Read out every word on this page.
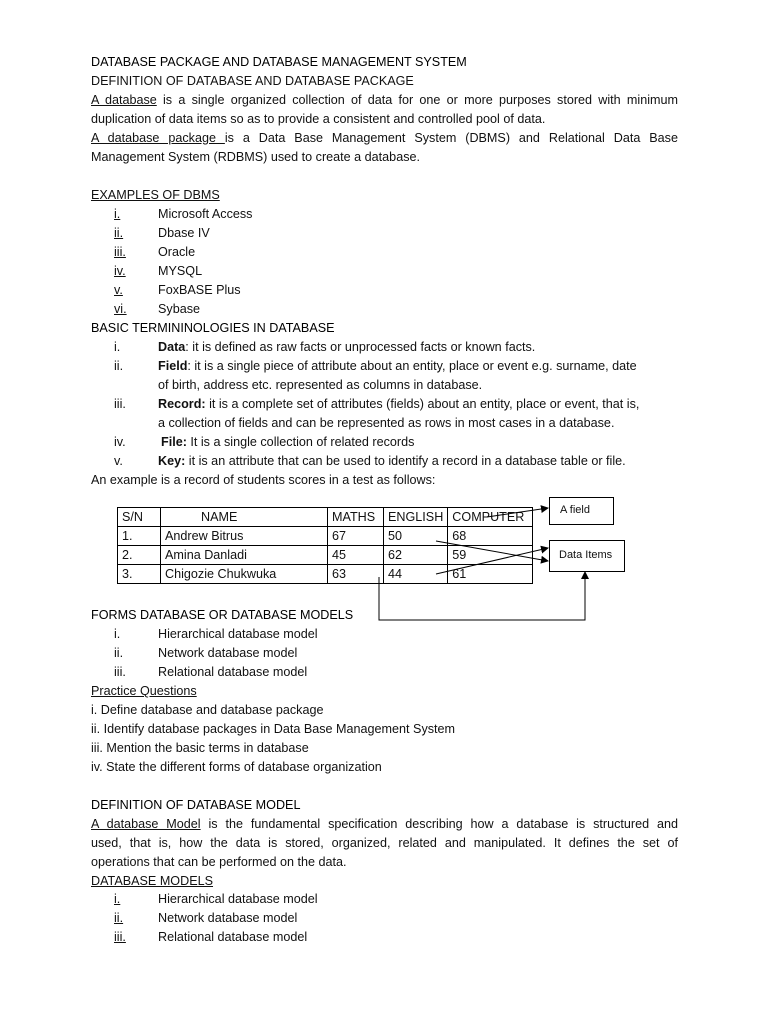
DATABASE PACKAGE AND DATABASE MANAGEMENT SYSTEM
DEFINITION OF DATABASE AND DATABASE PACKAGE
A database is a single organized collection of data for one or more purposes stored with minimum
duplication of data items so as to provide a consistent and controlled pool of data.
A database package is a Data Base Management System (DBMS) and Relational Data Base
Management System (RDBMS) used to create a database.
EXAMPLES OF DBMS
i.	Microsoft Access
ii.	Dbase IV
iii.	Oracle
iv.	MYSQL
v.	FoxBASE Plus
vi. Sybase
BASIC TERMININOLOGIES IN DATABASE
i.	Data: it is defined as raw facts or unprocessed facts or known facts.
ii.	Field: it is a single piece of attribute about an entity, place or event e.g. surname, date
of birth, address etc. represented as columns in database.
iii.	Record: it is a complete set of attributes (fields) about an entity, place or event, that is,
a collection of fields and can be represented as rows in most cases in a database.
iv.	File: It is a single collection of related records
v.	Key: it is an attribute that can be used to identify a record in a database table or file.
An example is a record of students scores in a test as follows:
S/N	NAME	MATHS	ENGLISH	COMPUTER
1.	Andrew Bitrus	67	50	68
2.	Amina Danladi	45	62	59
3.	Chigozie Chukwuka	63	44	61
A field
Data Items
FORMS DATABASE OR DATABASE MODELS
i.	Hierarchical database model
ii.	Network database model
iii.	Relational database model
Practice Questions
i. Define database and database package
ii. Identify database packages in Data Base Management System
iii. Mention the basic terms in database
iv. State the different forms of database organization
DEFINITION OF DATABASE MODEL
A database Model is the fundamental specification describing how a database is structured and
used, that is, how the data is stored, organized, related and manipulated. It defines the set of
operations that can be performed on the data.
DATABASE MODELS
i.	Hierarchical database model
ii.	Network database model
iii.	Relational database model
